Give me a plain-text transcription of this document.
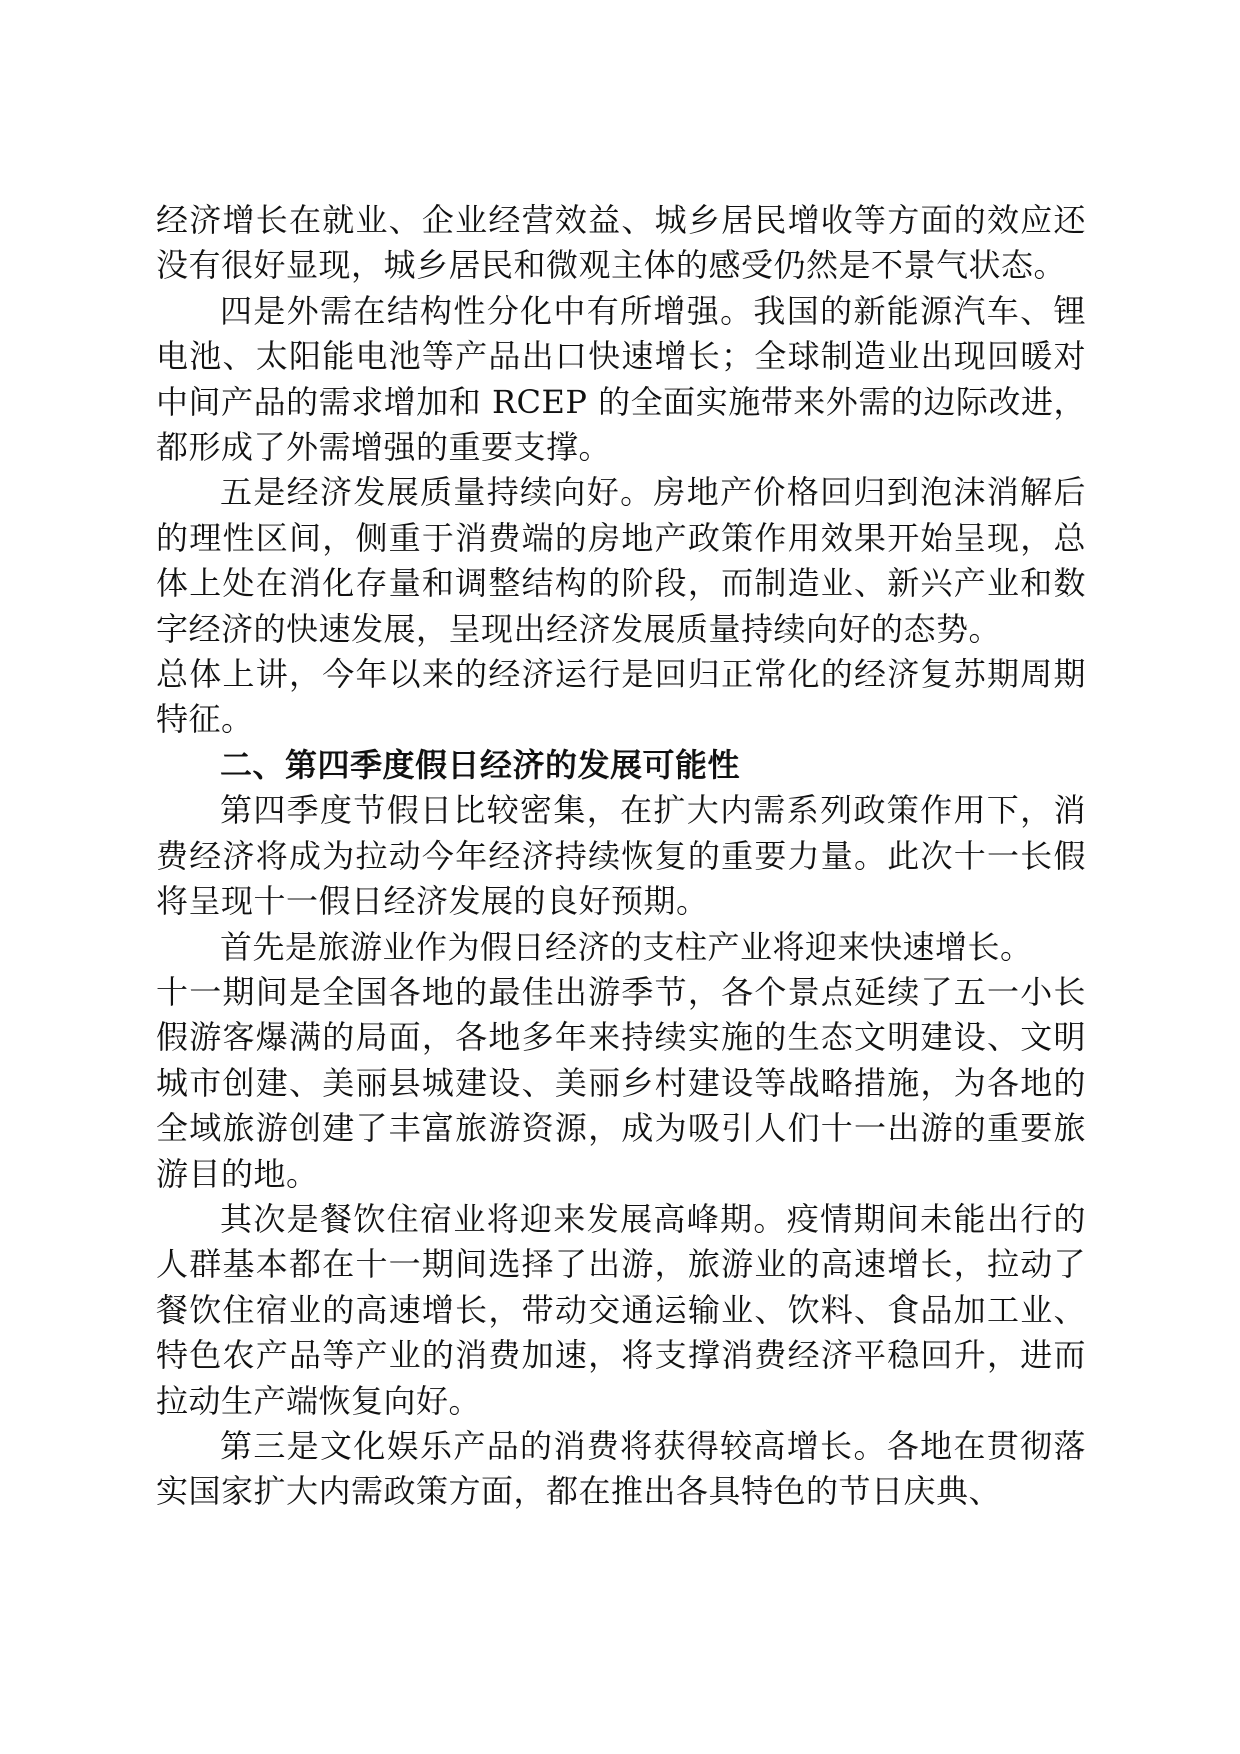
经济增长在就业、企业经营效益、城乡居民增收等方面的效应还没有很好显现，城乡居民和微观主体的感受仍然是不景气状态。

四是外需在结构性分化中有所增强。我国的新能源汽车、锂电池、太阳能电池等产品出口快速增长；全球制造业出现回暖对中间产品的需求增加和 RCEP 的全面实施带来外需的边际改进，都形成了外需增强的重要支撑。

五是经济发展质量持续向好。房地产价格回归到泡沫消解后的理性区间，侧重于消费端的房地产政策作用效果开始呈现，总体上处在消化存量和调整结构的阶段，而制造业、新兴产业和数字经济的快速发展，呈现出经济发展质量持续向好的态势。

总体上讲，今年以来的经济运行是回归正常化的经济复苏期周期特征。

二、第四季度假日经济的发展可能性

第四季度节假日比较密集，在扩大内需系列政策作用下，消费经济将成为拉动今年经济持续恢复的重要力量。此次十一长假将呈现十一假日经济发展的良好预期。

首先是旅游业作为假日经济的支柱产业将迎来快速增长。

十一期间是全国各地的最佳出游季节，各个景点延续了五一小长假游客爆满的局面，各地多年来持续实施的生态文明建设、文明城市创建、美丽县城建设、美丽乡村建设等战略措施，为各地的全域旅游创建了丰富旅游资源，成为吸引人们十一出游的重要旅游目的地。

其次是餐饮住宿业将迎来发展高峰期。疫情期间未能出行的人群基本都在十一期间选择了出游，旅游业的高速增长，拉动了餐饮住宿业的高速增长，带动交通运输业、饮料、食品加工业、特色农产品等产业的消费加速，将支撑消费经济平稳回升，进而拉动生产端恢复向好。

第三是文化娱乐产品的消费将获得较高增长。各地在贯彻落实国家扩大内需政策方面，都在推出各具特色的节日庆典、
